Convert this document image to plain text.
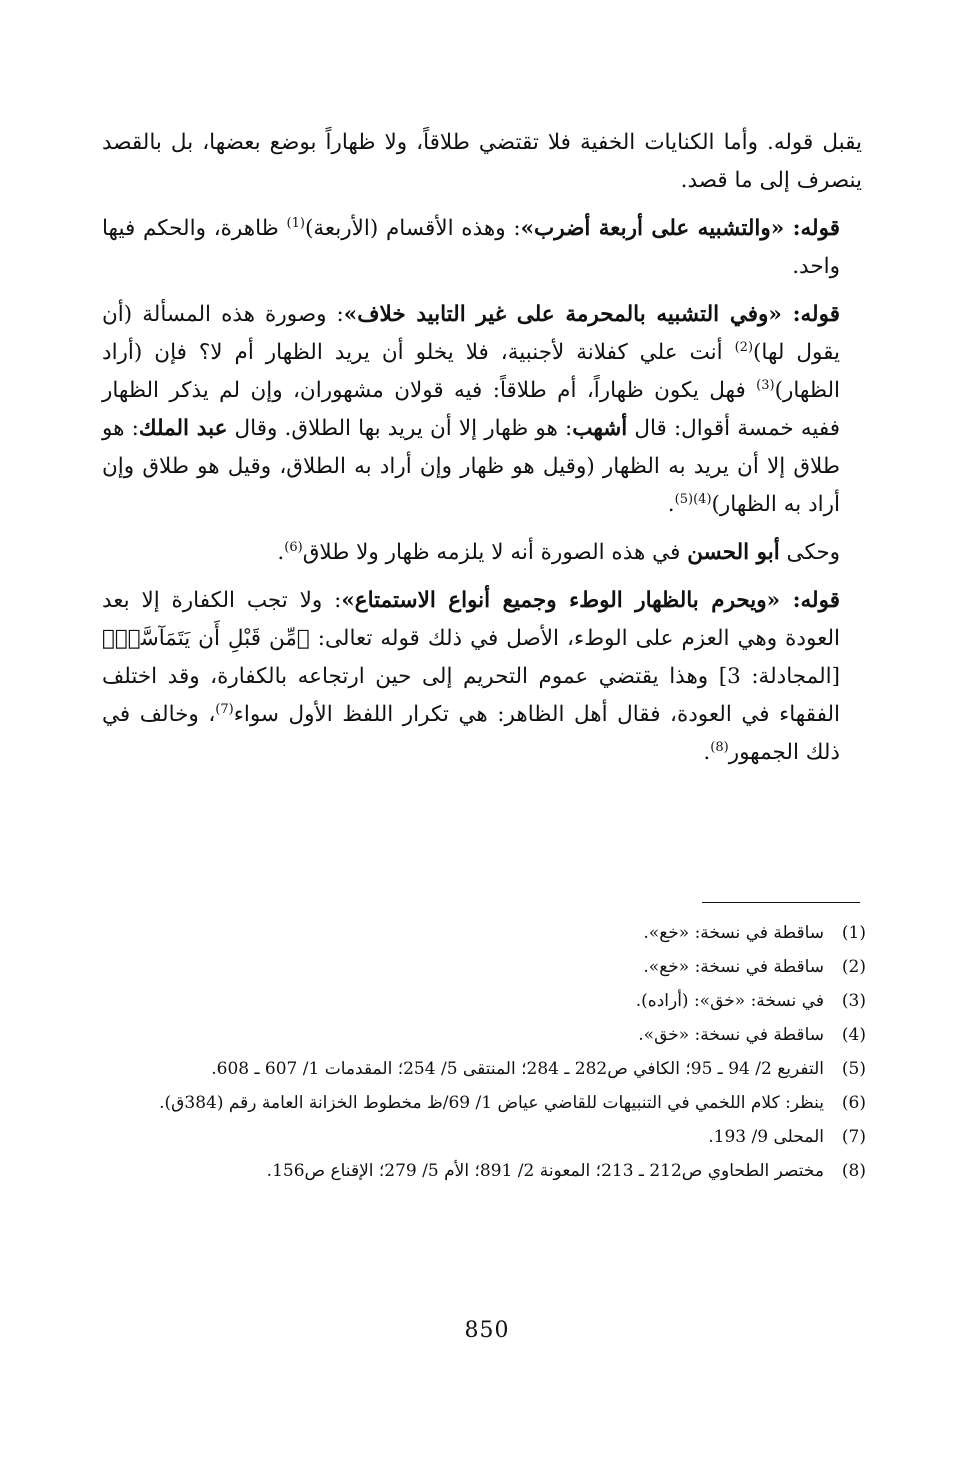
يقبل قوله. وأما الكنايات الخفية فلا تقتضي طلاقاً، ولا ظهاراً بوضع بعضها، بل بالقصد ينصرف إلى ما قصد.

قوله: «والتشبيه على أربعة أضرب»: وهذه الأقسام (الأربعة)$^{(1)}$ ظاهرة، والحكم فيها واحد.

قوله: «وفي التشبيه بالمحرمة على غير التابيد خلاف»: وصورة هذه المسألة (أن يقول لها)$^{(2)}$ أنت علي كفلانة لأجنبية، فلا يخلو أن يريد الظهار أم لا؟ فإن (أراد الظهار)$^{(3)}$ فهل يكون ظهاراً، أم طلاقاً: فيه قولان مشهوران، وإن لم يذكر الظهار ففيه خمسة أقوال: قال أشهب: هو ظهار إلا أن يريد بها الطلاق. وقال عبد الملك: هو طلاق إلا أن يريد به الظهار (وقيل هو ظهار وإن أراد به الطلاق، وقيل هو طلاق وإن أراد به الظهار)$^{(4)(5)}$.

وحكى أبو الحسن في هذه الصورة أنه لا يلزمه ظهار ولا طلاق$^{(6)}$.

قوله: «ويحرم بالظهار الوطء وجميع أنواع الاستمتاع»: ولا تجب الكفارة إلا بعد العودة وهي العزم على الوطء، الأصل في ذلك قوله تعالى: ﴿مِّن قَبْلِ أَن يَتَمَآسَّاۚ﴾ [المجادلة: 3] وهذا يقتضي عموم التحريم إلى حين ارتجاعه بالكفارة، وقد اختلف الفقهاء في العودة، فقال أهل الظاهر: هي تكرار اللفظ الأول سواء$^{(7)}$، وخالف في ذلك الجمهور$^{(8)}$.

(1)
ساقطة في نسخة: «خع».
(2)
ساقطة في نسخة: «خع».
(3)
في نسخة: «خق»: (أراده).
(4)
ساقطة في نسخة: «خق».
(5)
التفريع 2/ 94 ـ 95؛ الكافي ص282 ـ 284؛ المنتقى 5/ 254؛ المقدمات 1/ 607 ـ 608.
(6)
ينظر: كلام اللخمي في التنبيهات للقاضي عياض 1/ 69/ظ مخطوط الخزانة العامة رقم (384ق).
(7)
المحلى 9/ 193.
(8)
مختصر الطحاوي ص212 ـ 213؛ المعونة 2/ 891؛ الأم 5/ 279؛ الإقناع ص156.
850
